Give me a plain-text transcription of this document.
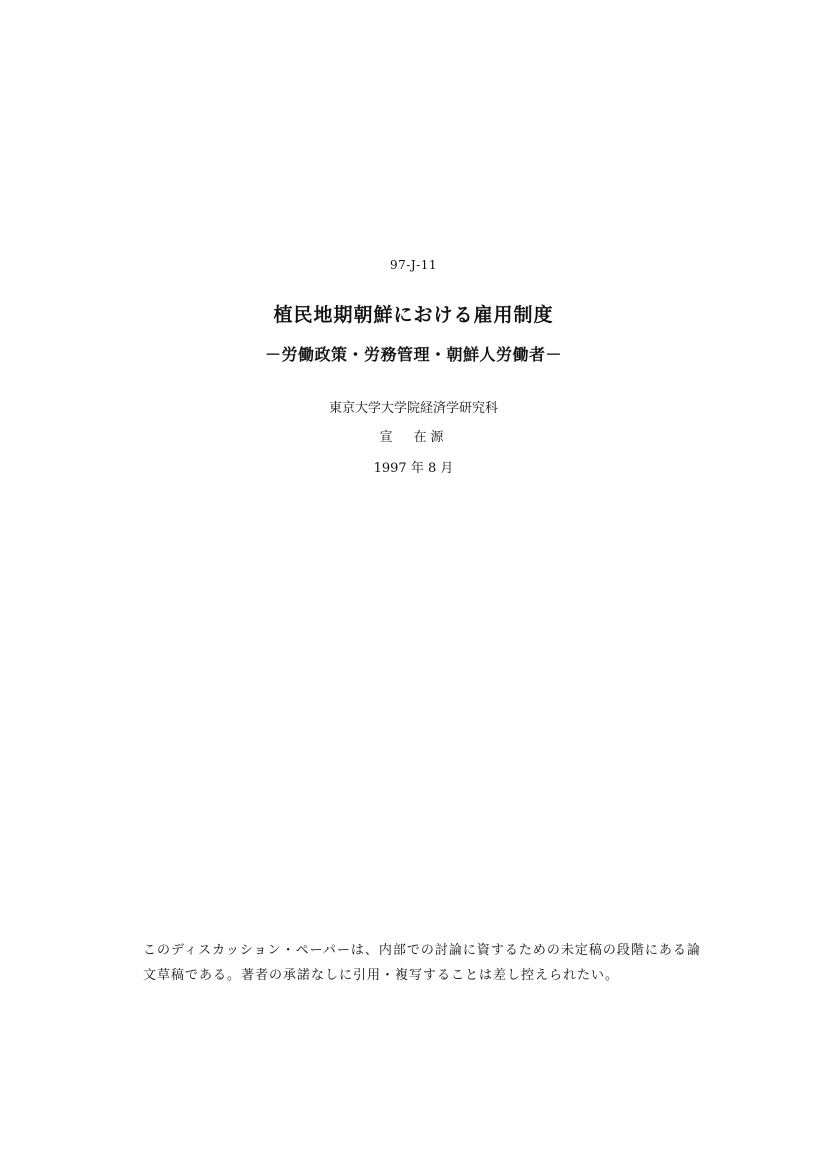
97-J-11
植民地期朝鮮における雇用制度
－労働政策・労務管理・朝鮮人労働者－
東京大学大学院経済学研究科
宣　在源
1997 年 8 月
このディスカッション・ペーパーは、内部での討論に資するための未定稿の段階にある論
文草稿である。著者の承諾なしに引用・複写することは差し控えられたい。
